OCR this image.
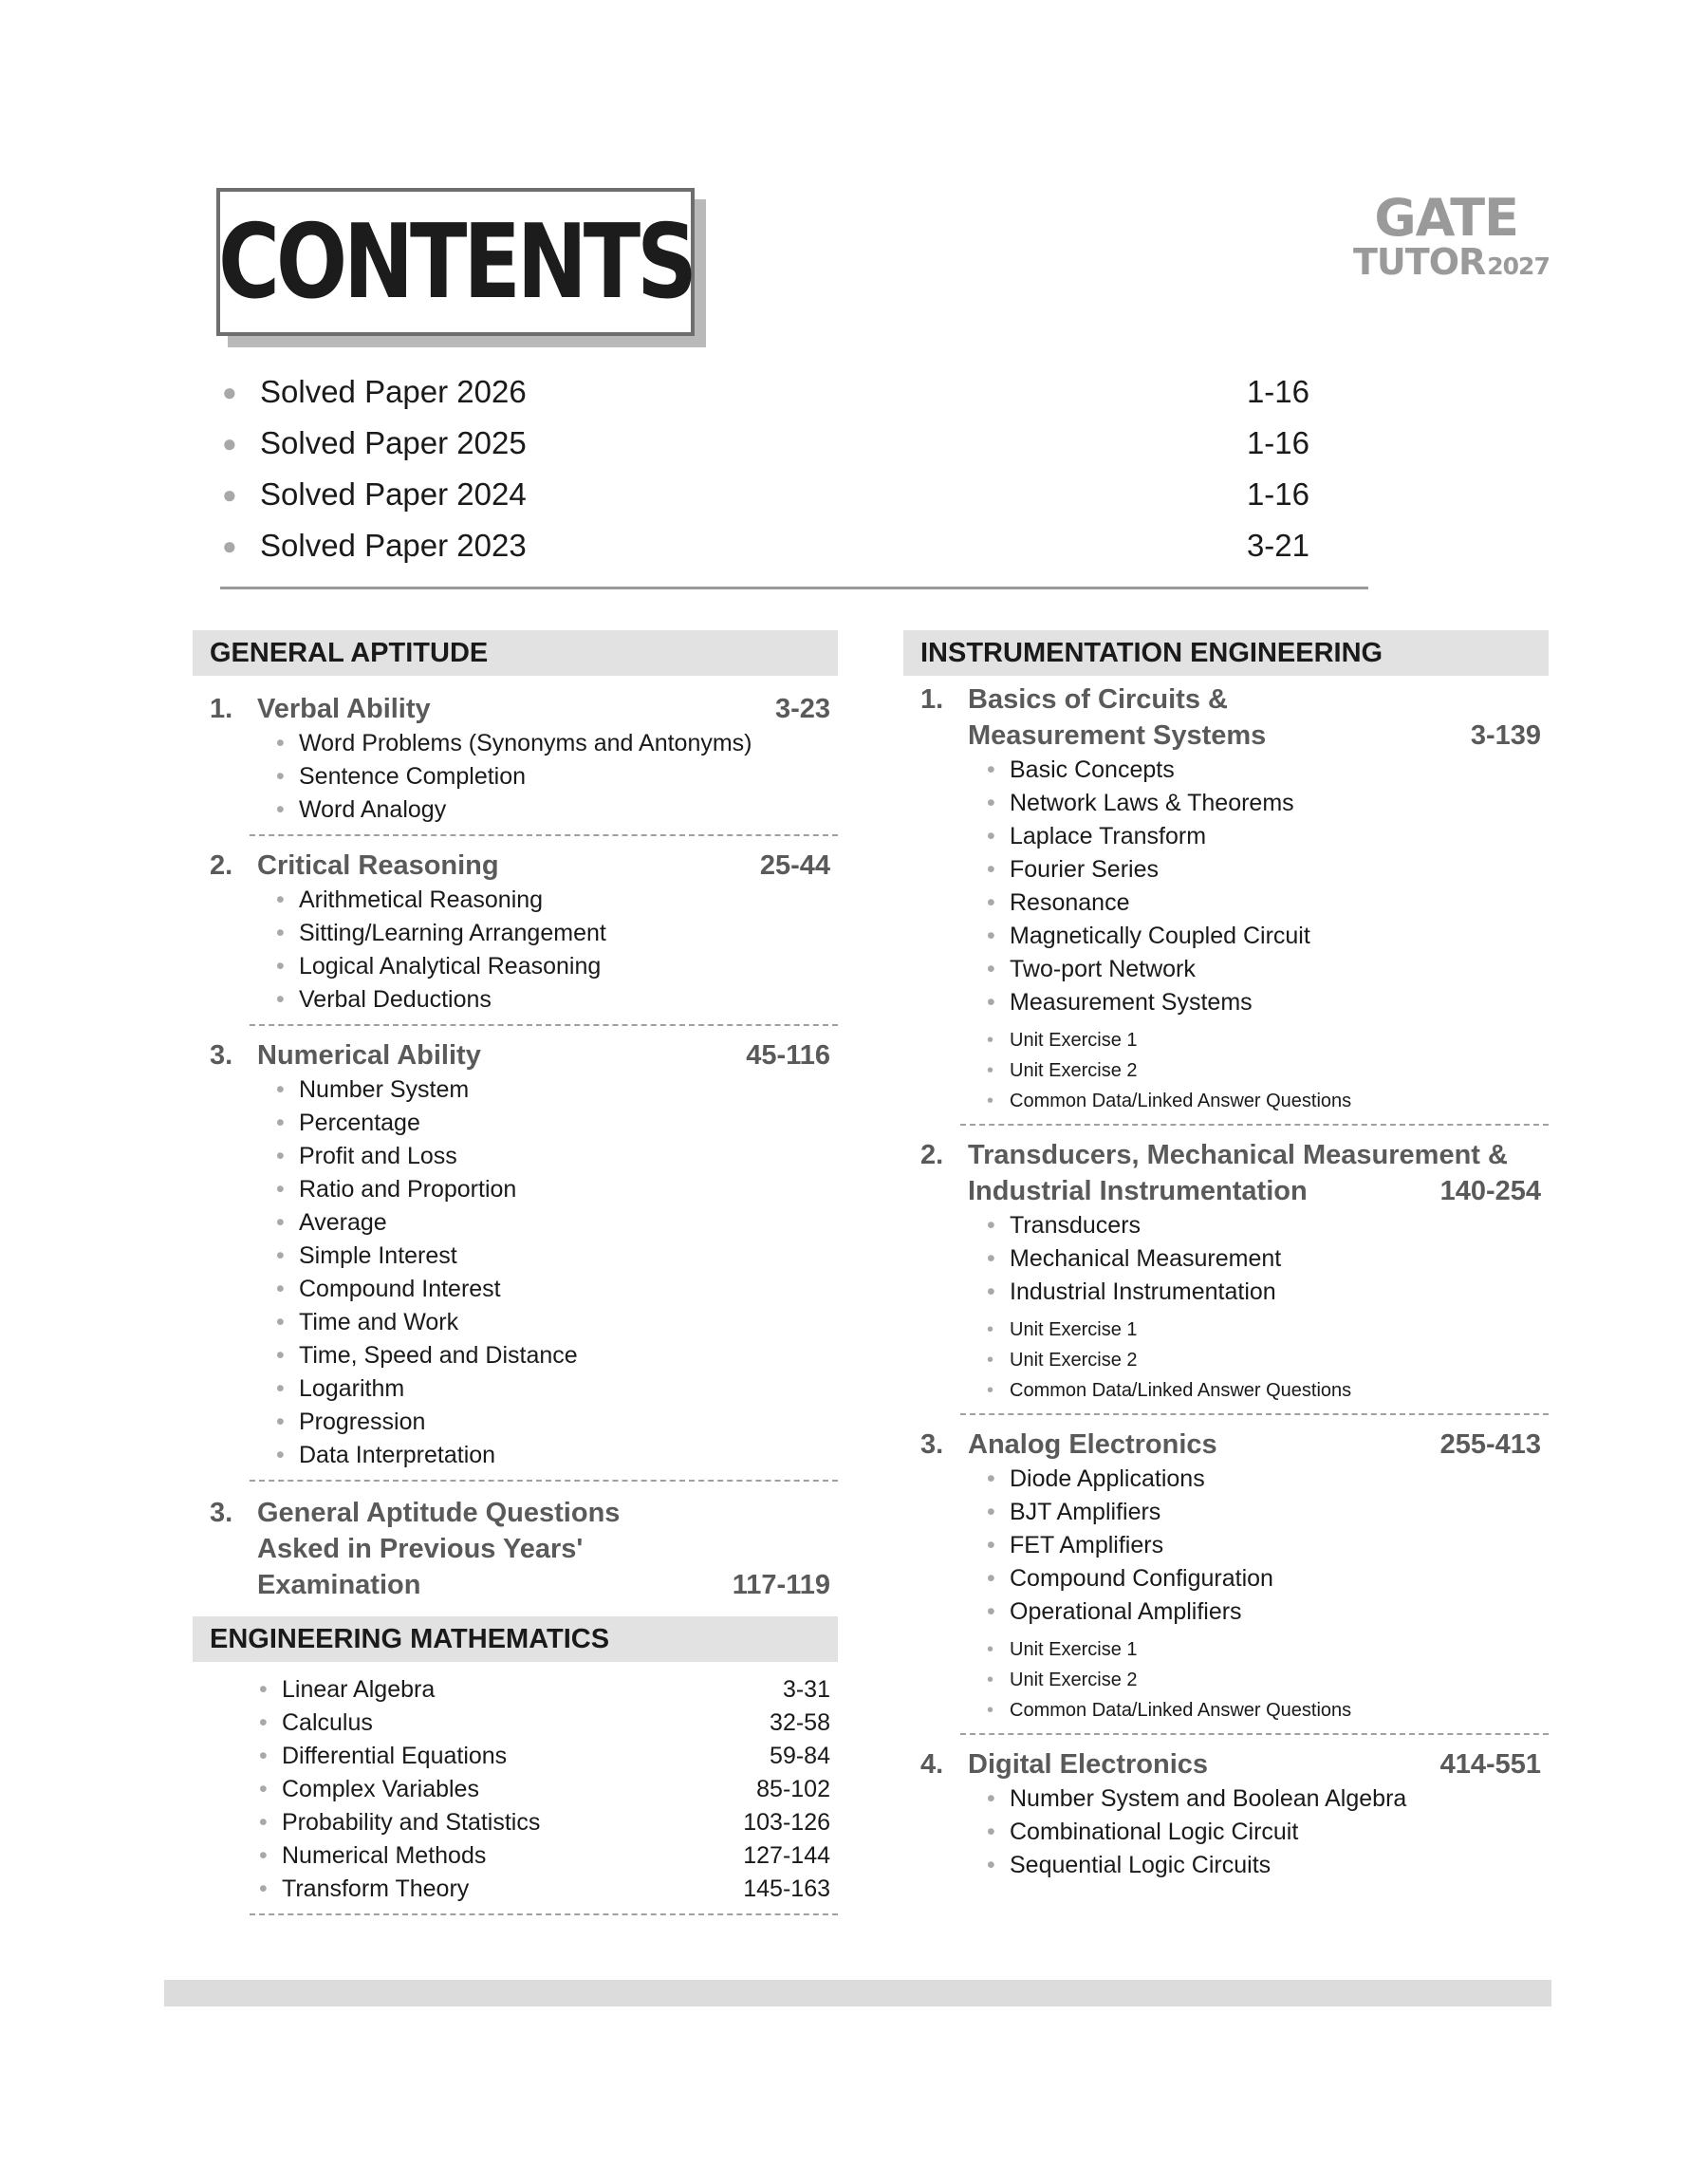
CONTENTS	GATE
TUTOR2027
● Solved Paper 2026	1-16
● Solved Paper 2025	1-16
● Solved Paper 2024	1-16
● Solved Paper 2023	3-21
GENERAL APTITUDE
1. Verbal Ability	3-23
• Word Problems (Synonyms and Antonyms)
• Sentence Completion
• Word Analogy
2. Critical Reasoning	25-44
• Arithmetical Reasoning
• Sitting/Learning Arrangement
• Logical Analytical Reasoning
• Verbal Deductions
3. Numerical Ability	45-116
• Number System
• Percentage
• Profit and Loss
• Ratio and Proportion
• Average
• Simple Interest
• Compound Interest
• Time and Work
• Time, Speed and Distance
• Logarithm
• Progression
• Data Interpretation
3. General Aptitude Questions Asked in Previous Years' Examination	117-119
ENGINEERING MATHEMATICS
• Linear Algebra	3-31
• Calculus	32-58
• Differential Equations	59-84
• Complex Variables	85-102
• Probability and Statistics	103-126
• Numerical Methods	127-144
• Transform Theory	145-163
INSTRUMENTATION ENGINEERING
1. Basics of Circuits & Measurement Systems	3-139
• Basic Concepts
• Network Laws & Theorems
• Laplace Transform
• Fourier Series
• Resonance
• Magnetically Coupled Circuit
• Two-port Network
• Measurement Systems
• Unit Exercise 1
• Unit Exercise 2
• Common Data/Linked Answer Questions
2. Transducers, Mechanical Measurement & Industrial Instrumentation	140-254
• Transducers
• Mechanical Measurement
• Industrial Instrumentation
• Unit Exercise 1
• Unit Exercise 2
• Common Data/Linked Answer Questions
3. Analog Electronics	255-413
• Diode Applications
• BJT Amplifiers
• FET Amplifiers
• Compound Configuration
• Operational Amplifiers
• Unit Exercise 1
• Unit Exercise 2
• Common Data/Linked Answer Questions
4. Digital Electronics	414-551
• Number System and Boolean Algebra
• Combinational Logic Circuit
• Sequential Logic Circuits
